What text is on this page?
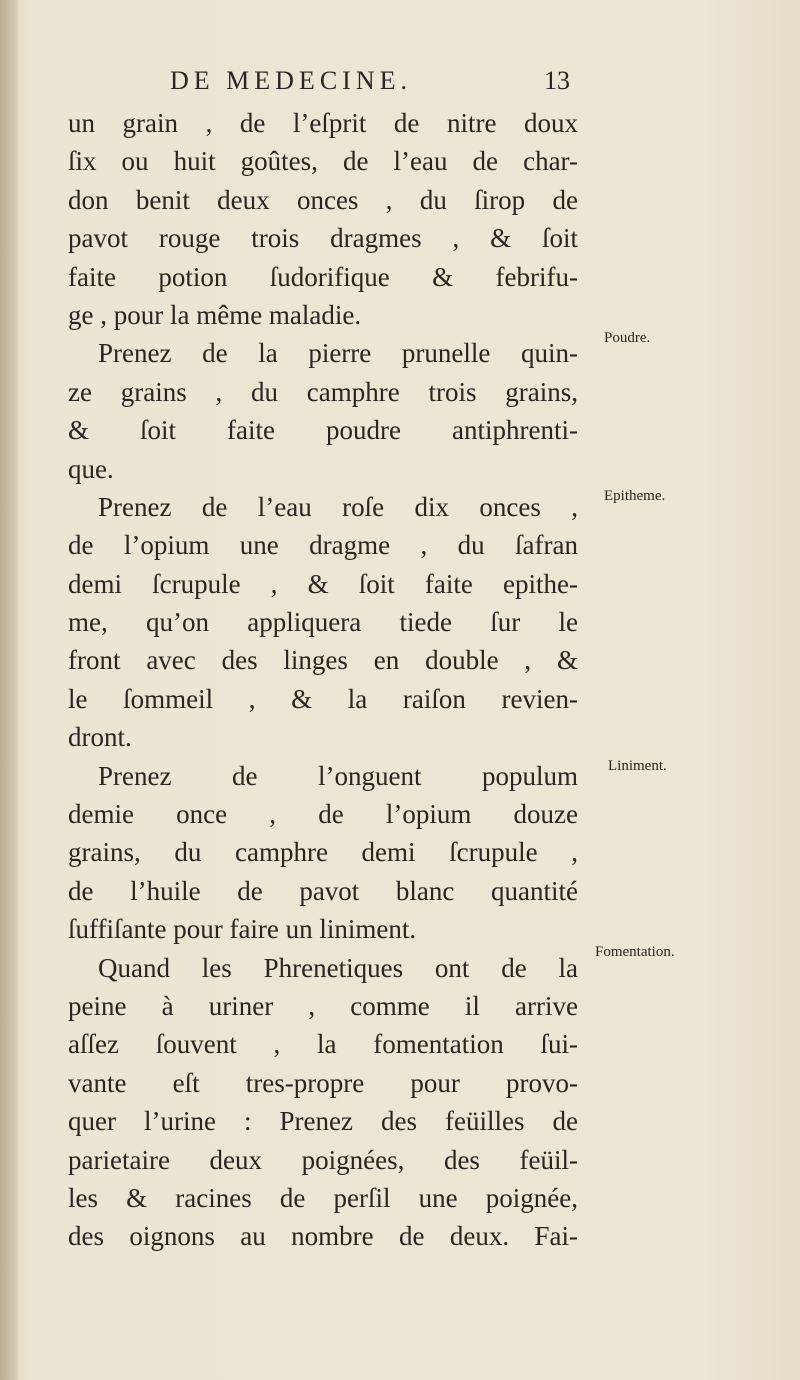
DE MEDECINE.	13
un grain , de l’eſprit de nitre doux
ſix ou huit goûtes, de l’eau de char-
don benit deux onces , du ſirop de
pavot rouge trois dragmes , & ſoit
faite potion ſudorifique & febrifu-
ge , pour la même maladie.
Prenez de la pierre prunelle quin-
ze grains , du camphre trois grains,
& ſoit faite poudre antiphrenti-
que.
Prenez de l’eau roſe dix onces ,
de l’opium une dragme , du ſafran
demi ſcrupule , & ſoit faite epithe-
me, qu’on appliquera tiede ſur le
front avec des linges en double , &
le ſommeil , & la raiſon revien-
dront.
Prenez de l’onguent populum
demie once , de l’opium douze
grains, du camphre demi ſcrupule ,
de l’huile de pavot blanc quantité
ſuffiſante pour faire un liniment.
Quand les Phrenetiques ont de la
peine à uriner , comme il arrive
aſſez ſouvent , la fomentation ſui-
vante eſt tres-propre pour provo-
quer l’urine : Prenez des feüilles de
parietaire deux poignées, des feüil-
les & racines de perſil une poignée,
des oignons au nombre de deux. Fai-
Poudre.
Epitheme.
Liniment.
Fomentation.
